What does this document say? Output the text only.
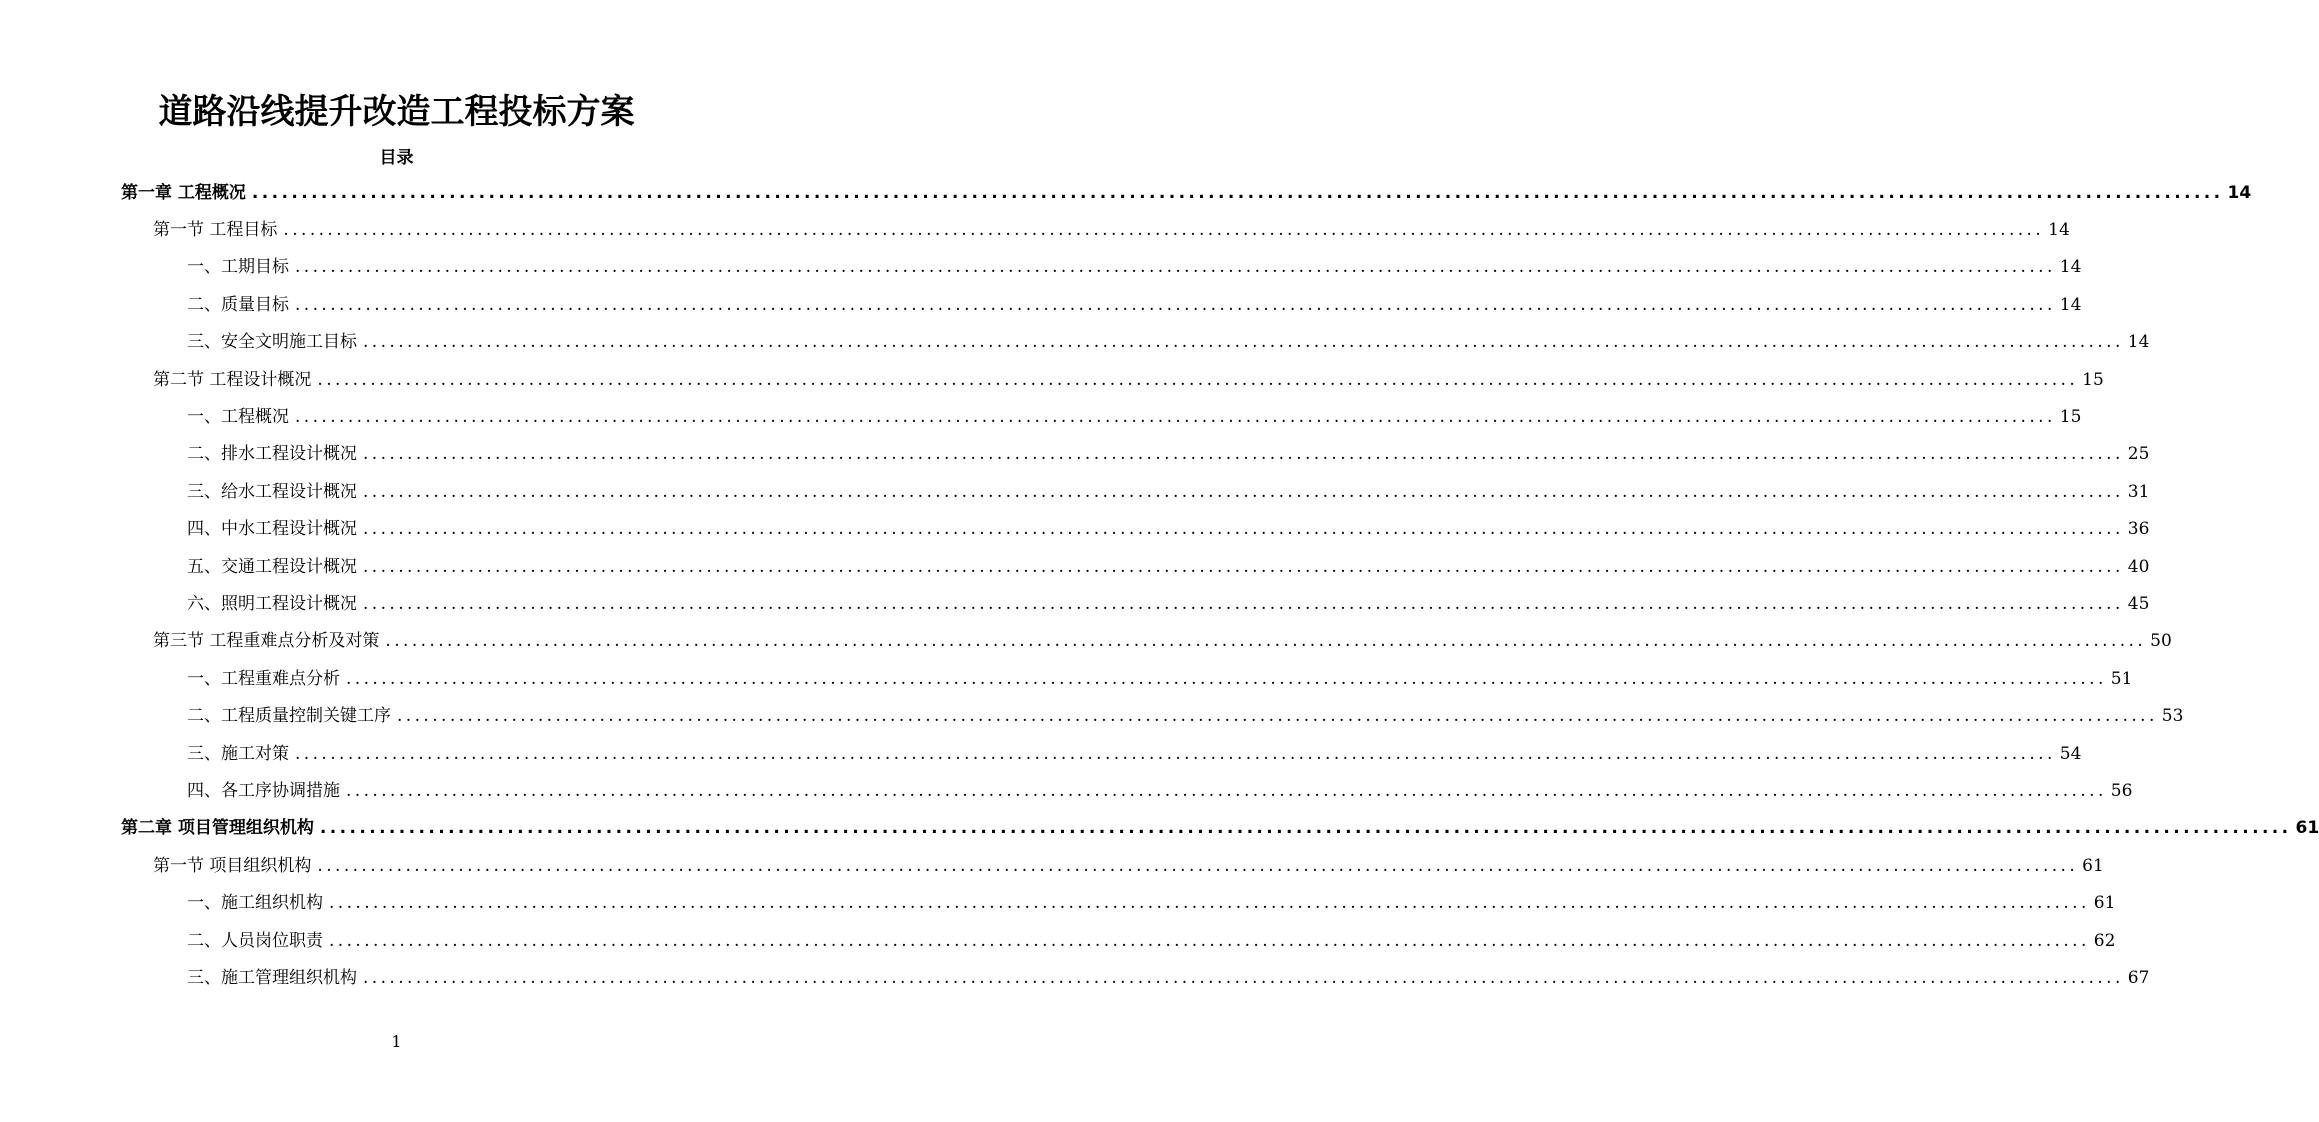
道路沿线提升改造工程投标方案
目录
第一章 工程概况 ........................................................................................................................................................................................................ 14
第一节 工程目标 ........................................................................................................................................................................................................ 14
一、工期目标 ........................................................................................................................................................................................................ 14
二、质量目标 ........................................................................................................................................................................................................ 14
三、安全文明施工目标 ........................................................................................................................................................................................................ 14
第二节 工程设计概况 ........................................................................................................................................................................................................ 15
一、工程概况 ........................................................................................................................................................................................................ 15
二、排水工程设计概况 ........................................................................................................................................................................................................ 25
三、给水工程设计概况 ........................................................................................................................................................................................................ 31
四、中水工程设计概况 ........................................................................................................................................................................................................ 36
五、交通工程设计概况 ........................................................................................................................................................................................................ 40
六、照明工程设计概况 ........................................................................................................................................................................................................ 45
第三节 工程重难点分析及对策 ........................................................................................................................................................................................................ 50
一、工程重难点分析 ........................................................................................................................................................................................................ 51
二、工程质量控制关键工序 ........................................................................................................................................................................................................ 53
三、施工对策 ........................................................................................................................................................................................................ 54
四、各工序协调措施 ........................................................................................................................................................................................................ 56
第二章 项目管理组织机构 ........................................................................................................................................................................................................ 61
第一节 项目组织机构 ........................................................................................................................................................................................................ 61
一、施工组织机构 ........................................................................................................................................................................................................ 61
二、人员岗位职责 ........................................................................................................................................................................................................ 62
三、施工管理组织机构 ........................................................................................................................................................................................................ 67
1
